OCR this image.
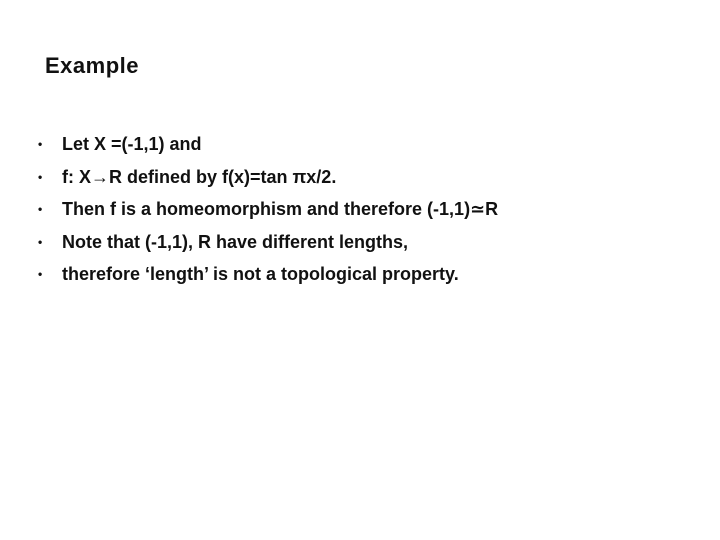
Example
•	Let X =(-1,1) and
•	f: X→R defined by f(x)=tan πx/2.
•	Then f is a homeomorphism and therefore (-1,1)≃R
•	Note that (-1,1), R have different lengths,
•	therefore ‘length’ is not a topological property.
